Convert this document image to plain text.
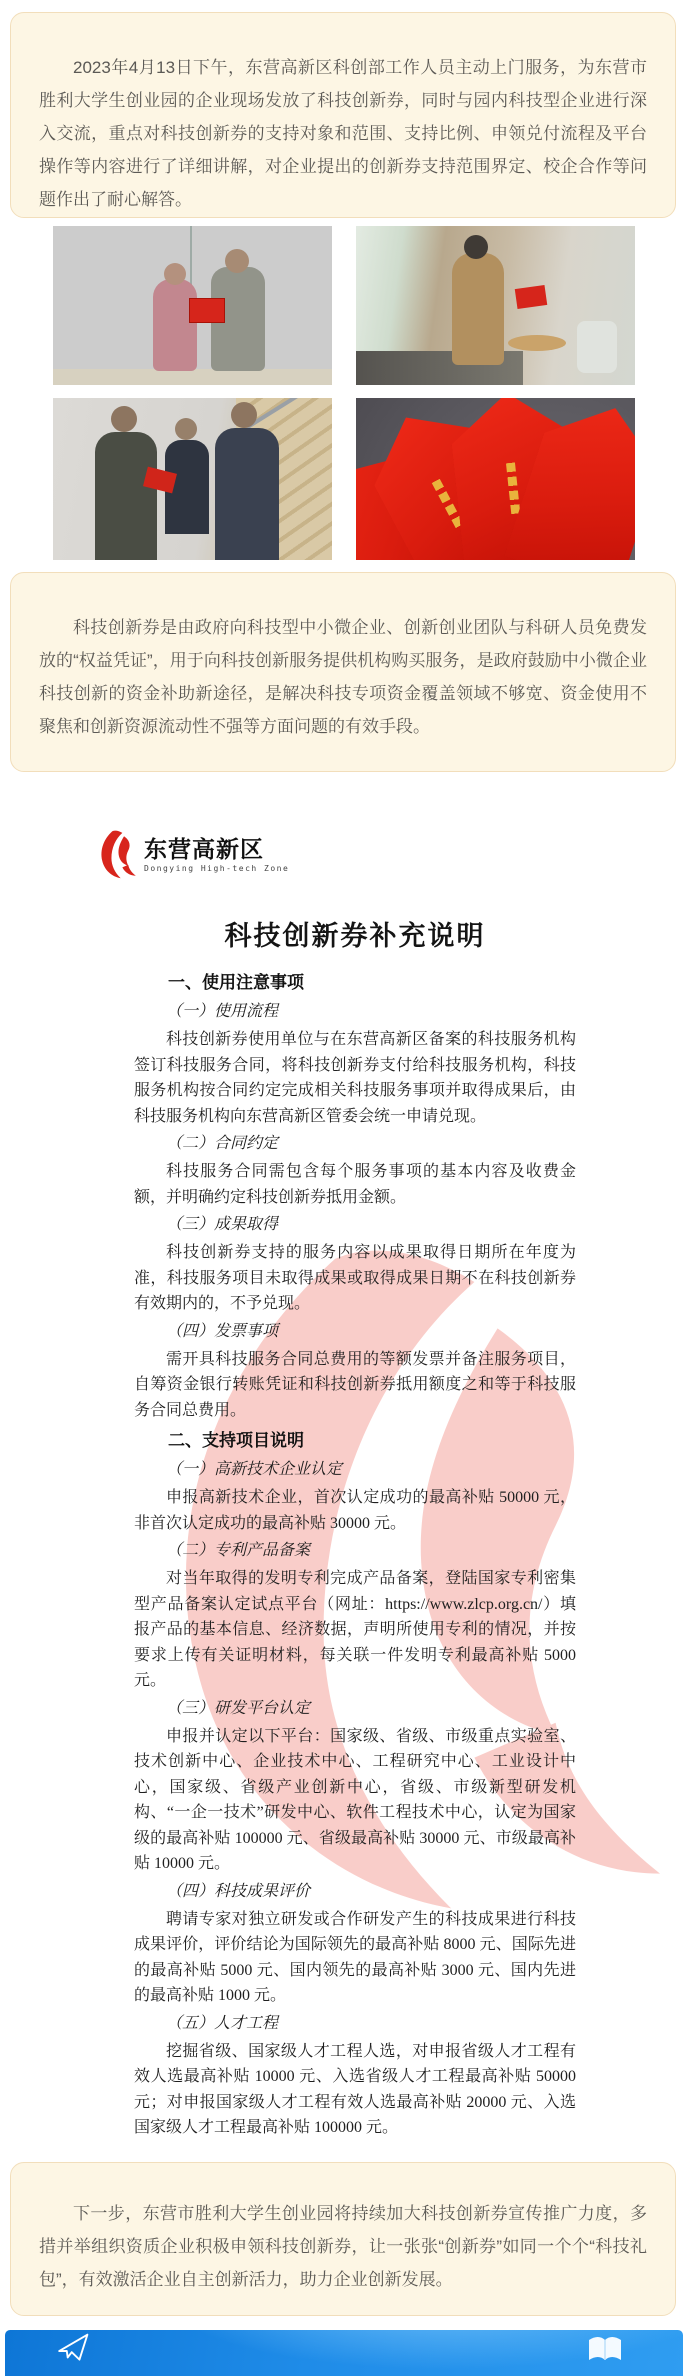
2023年4月13日下午，东营高新区科创部工作人员主动上门服务，为东营市胜利大学生创业园的企业现场发放了科技创新券，同时与园内科技型企业进行深入交流，重点对科技创新券的支持对象和范围、支持比例、申领兑付流程及平台操作等内容进行了详细讲解，对企业提出的创新券支持范围界定、校企合作等问题作出了耐心解答。

科技创新券是由政府向科技型中小微企业、创新创业团队与科研人员免费发放的“权益凭证”，用于向科技创新服务提供机构购买服务，是政府鼓励中小微企业科技创新的资金补助新途径，是解决科技专项资金覆盖领域不够宽、资金使用不聚焦和创新资源流动性不强等方面问题的有效手段。

东营高新区
Dongying High-tech Zone
科技创新券补充说明
一、使用注意事项
（一）使用流程

科技创新券使用单位与在东营高新区备案的科技服务机构签订科技服务合同，将科技创新券支付给科技服务机构，科技服务机构按合同约定完成相关科技服务事项并取得成果后，由科技服务机构向东营高新区管委会统一申请兑现。

（二）合同约定

科技服务合同需包含每个服务事项的基本内容及收费金额，并明确约定科技创新券抵用金额。

（三）成果取得

科技创新券支持的服务内容以成果取得日期所在年度为准，科技服务项目未取得成果或取得成果日期不在科技创新券有效期内的，不予兑现。

（四）发票事项

需开具科技服务合同总费用的等额发票并备注服务项目，自筹资金银行转账凭证和科技创新券抵用额度之和等于科技服务合同总费用。

二、支持项目说明
（一）高新技术企业认定

申报高新技术企业，首次认定成功的最高补贴 50000 元，非首次认定成功的最高补贴 30000 元。

（二）专利产品备案

对当年取得的发明专利完成产品备案，登陆国家专利密集型产品备案认定试点平台（网址：https://www.zlcp.org.cn/）填报产品的基本信息、经济数据，声明所使用专利的情况，并按要求上传有关证明材料，每关联一件发明专利最高补贴 5000 元。

（三）研发平台认定

申报并认定以下平台：国家级、省级、市级重点实验室、技术创新中心、企业技术中心、工程研究中心、工业设计中心，国家级、省级产业创新中心，省级、市级新型研发机构、“一企一技术”研发中心、软件工程技术中心，认定为国家级的最高补贴 100000 元、省级最高补贴 30000 元、市级最高补贴 10000 元。

（四）科技成果评价

聘请专家对独立研发或合作研发产生的科技成果进行科技成果评价，评价结论为国际领先的最高补贴 8000 元、国际先进的最高补贴 5000 元、国内领先的最高补贴 3000 元、国内先进的最高补贴 1000 元。

（五）人才工程

挖掘省级、国家级人才工程人选，对申报省级人才工程有效人选最高补贴 10000 元、入选省级人才工程最高补贴 50000 元；对申报国家级人才工程有效人选最高补贴 20000 元、入选国家级人才工程最高补贴 100000 元。

下一步，东营市胜利大学生创业园将持续加大科技创新券宣传推广力度，多措并举组织资质企业积极申领科技创新券，让一张张“创新券”如同一个个“科技礼包”，有效激活企业自主创新活力，助力企业创新发展。
